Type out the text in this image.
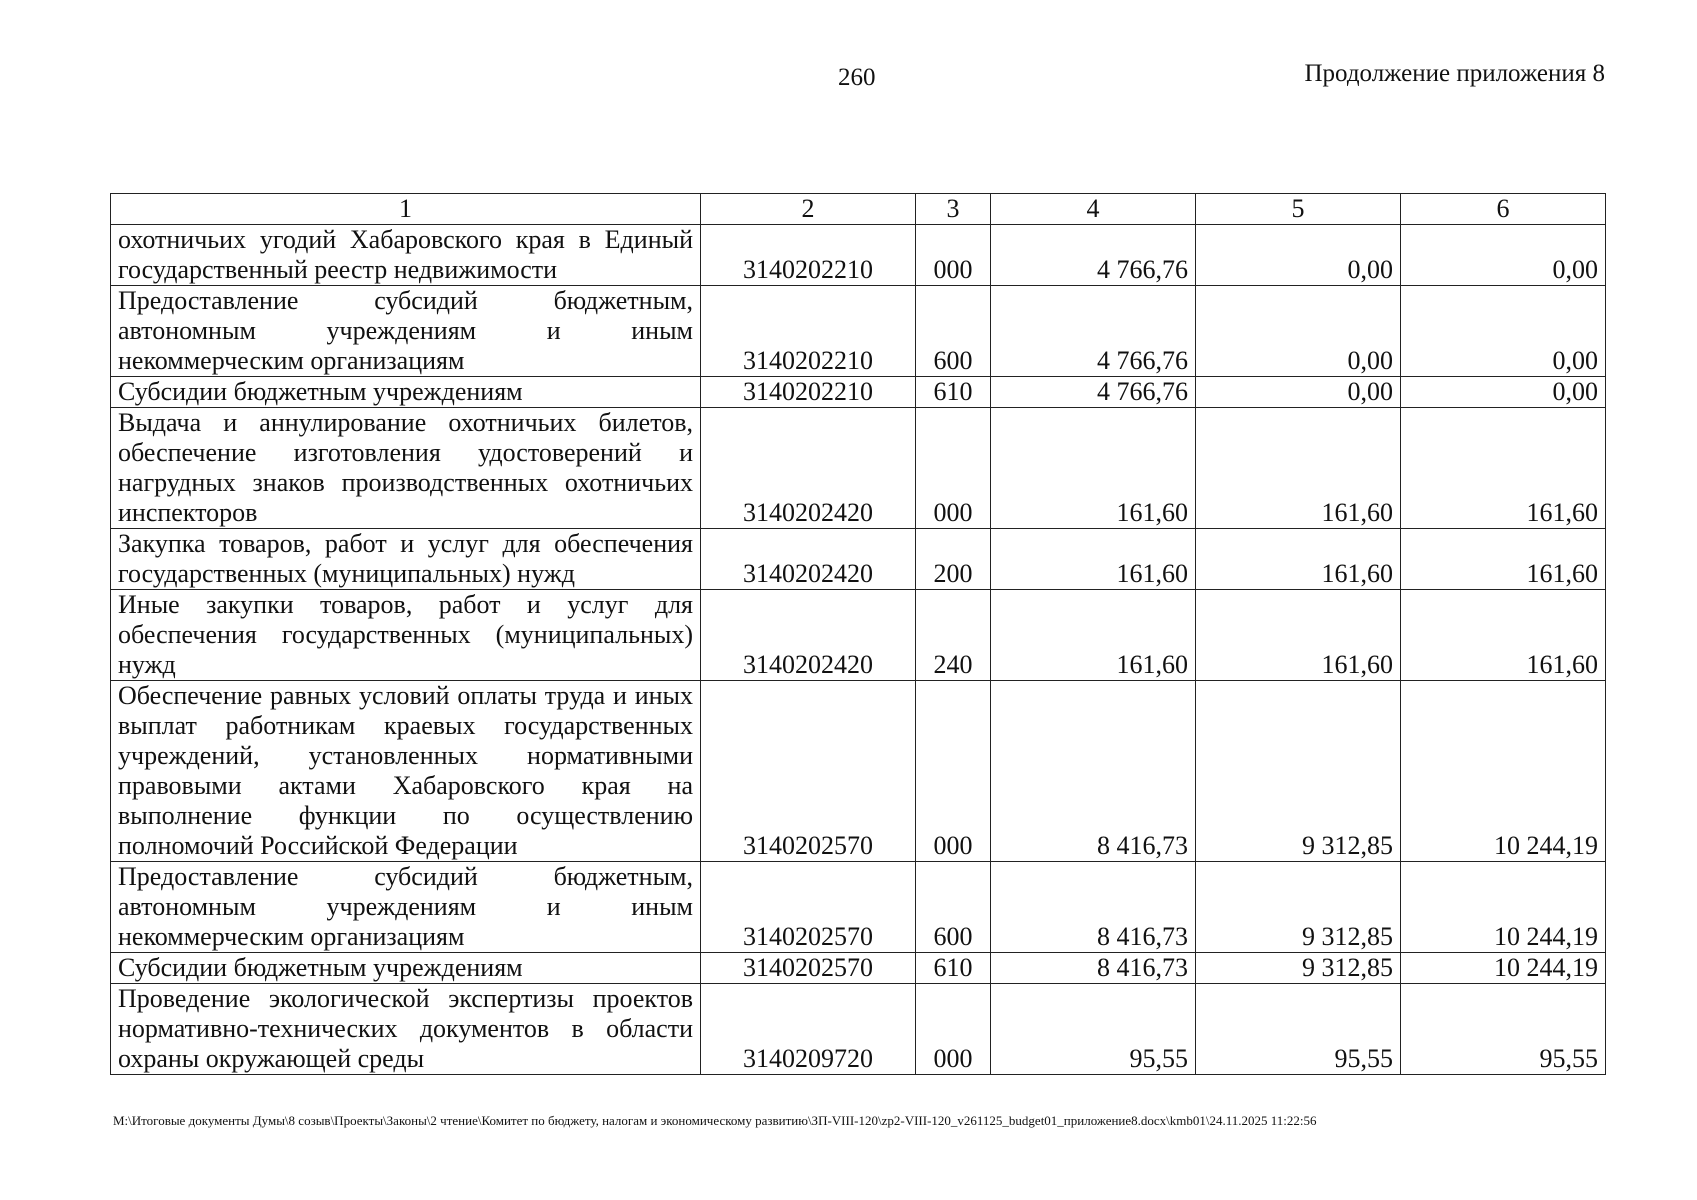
260	Продолжение приложения 8
1	2	3	4	5	6
охотничьих угодий Хабаровского края в Единый государственный реестр недвижимости	3140202210	000	4 766,76	0,00	0,00
Предоставление субсидий бюджетным, автономным учреждениям и иным некоммерческим организациям	3140202210	600	4 766,76	0,00	0,00
Субсидии бюджетным учреждениям	3140202210	610	4 766,76	0,00	0,00
Выдача и аннулирование охотничьих билетов, обеспечение изготовления удостоверений и нагрудных знаков производственных охотничьих инспекторов	3140202420	000	161,60	161,60	161,60
Закупка товаров, работ и услуг для обеспечения государственных (муниципальных) нужд	3140202420	200	161,60	161,60	161,60
Иные закупки товаров, работ и услуг для обеспечения государственных (муниципальных) нужд	3140202420	240	161,60	161,60	161,60
Обеспечение равных условий оплаты труда и иных выплат работникам краевых государственных учреждений, установленных нормативными правовыми актами Хабаровского края на выполнение функции по осуществлению полномочий Российской Федерации	3140202570	000	8 416,73	9 312,85	10 244,19
Предоставление субсидий бюджетным, автономным учреждениям и иным некоммерческим организациям	3140202570	600	8 416,73	9 312,85	10 244,19
Субсидии бюджетным учреждениям	3140202570	610	8 416,73	9 312,85	10 244,19
Проведение экологической экспертизы проектов нормативно-технических документов в области охраны окружающей среды	3140209720	000	95,55	95,55	95,55
M:\Итоговые документы Думы\8 созыв\Проекты\Законы\2 чтение\Комитет по бюджету, налогам и экономическому развитию\ЗП-VIII-120\zp2-VIII-120_v261125_budget01_приложение8.docx\kmb01\24.11.2025 11:22:56
